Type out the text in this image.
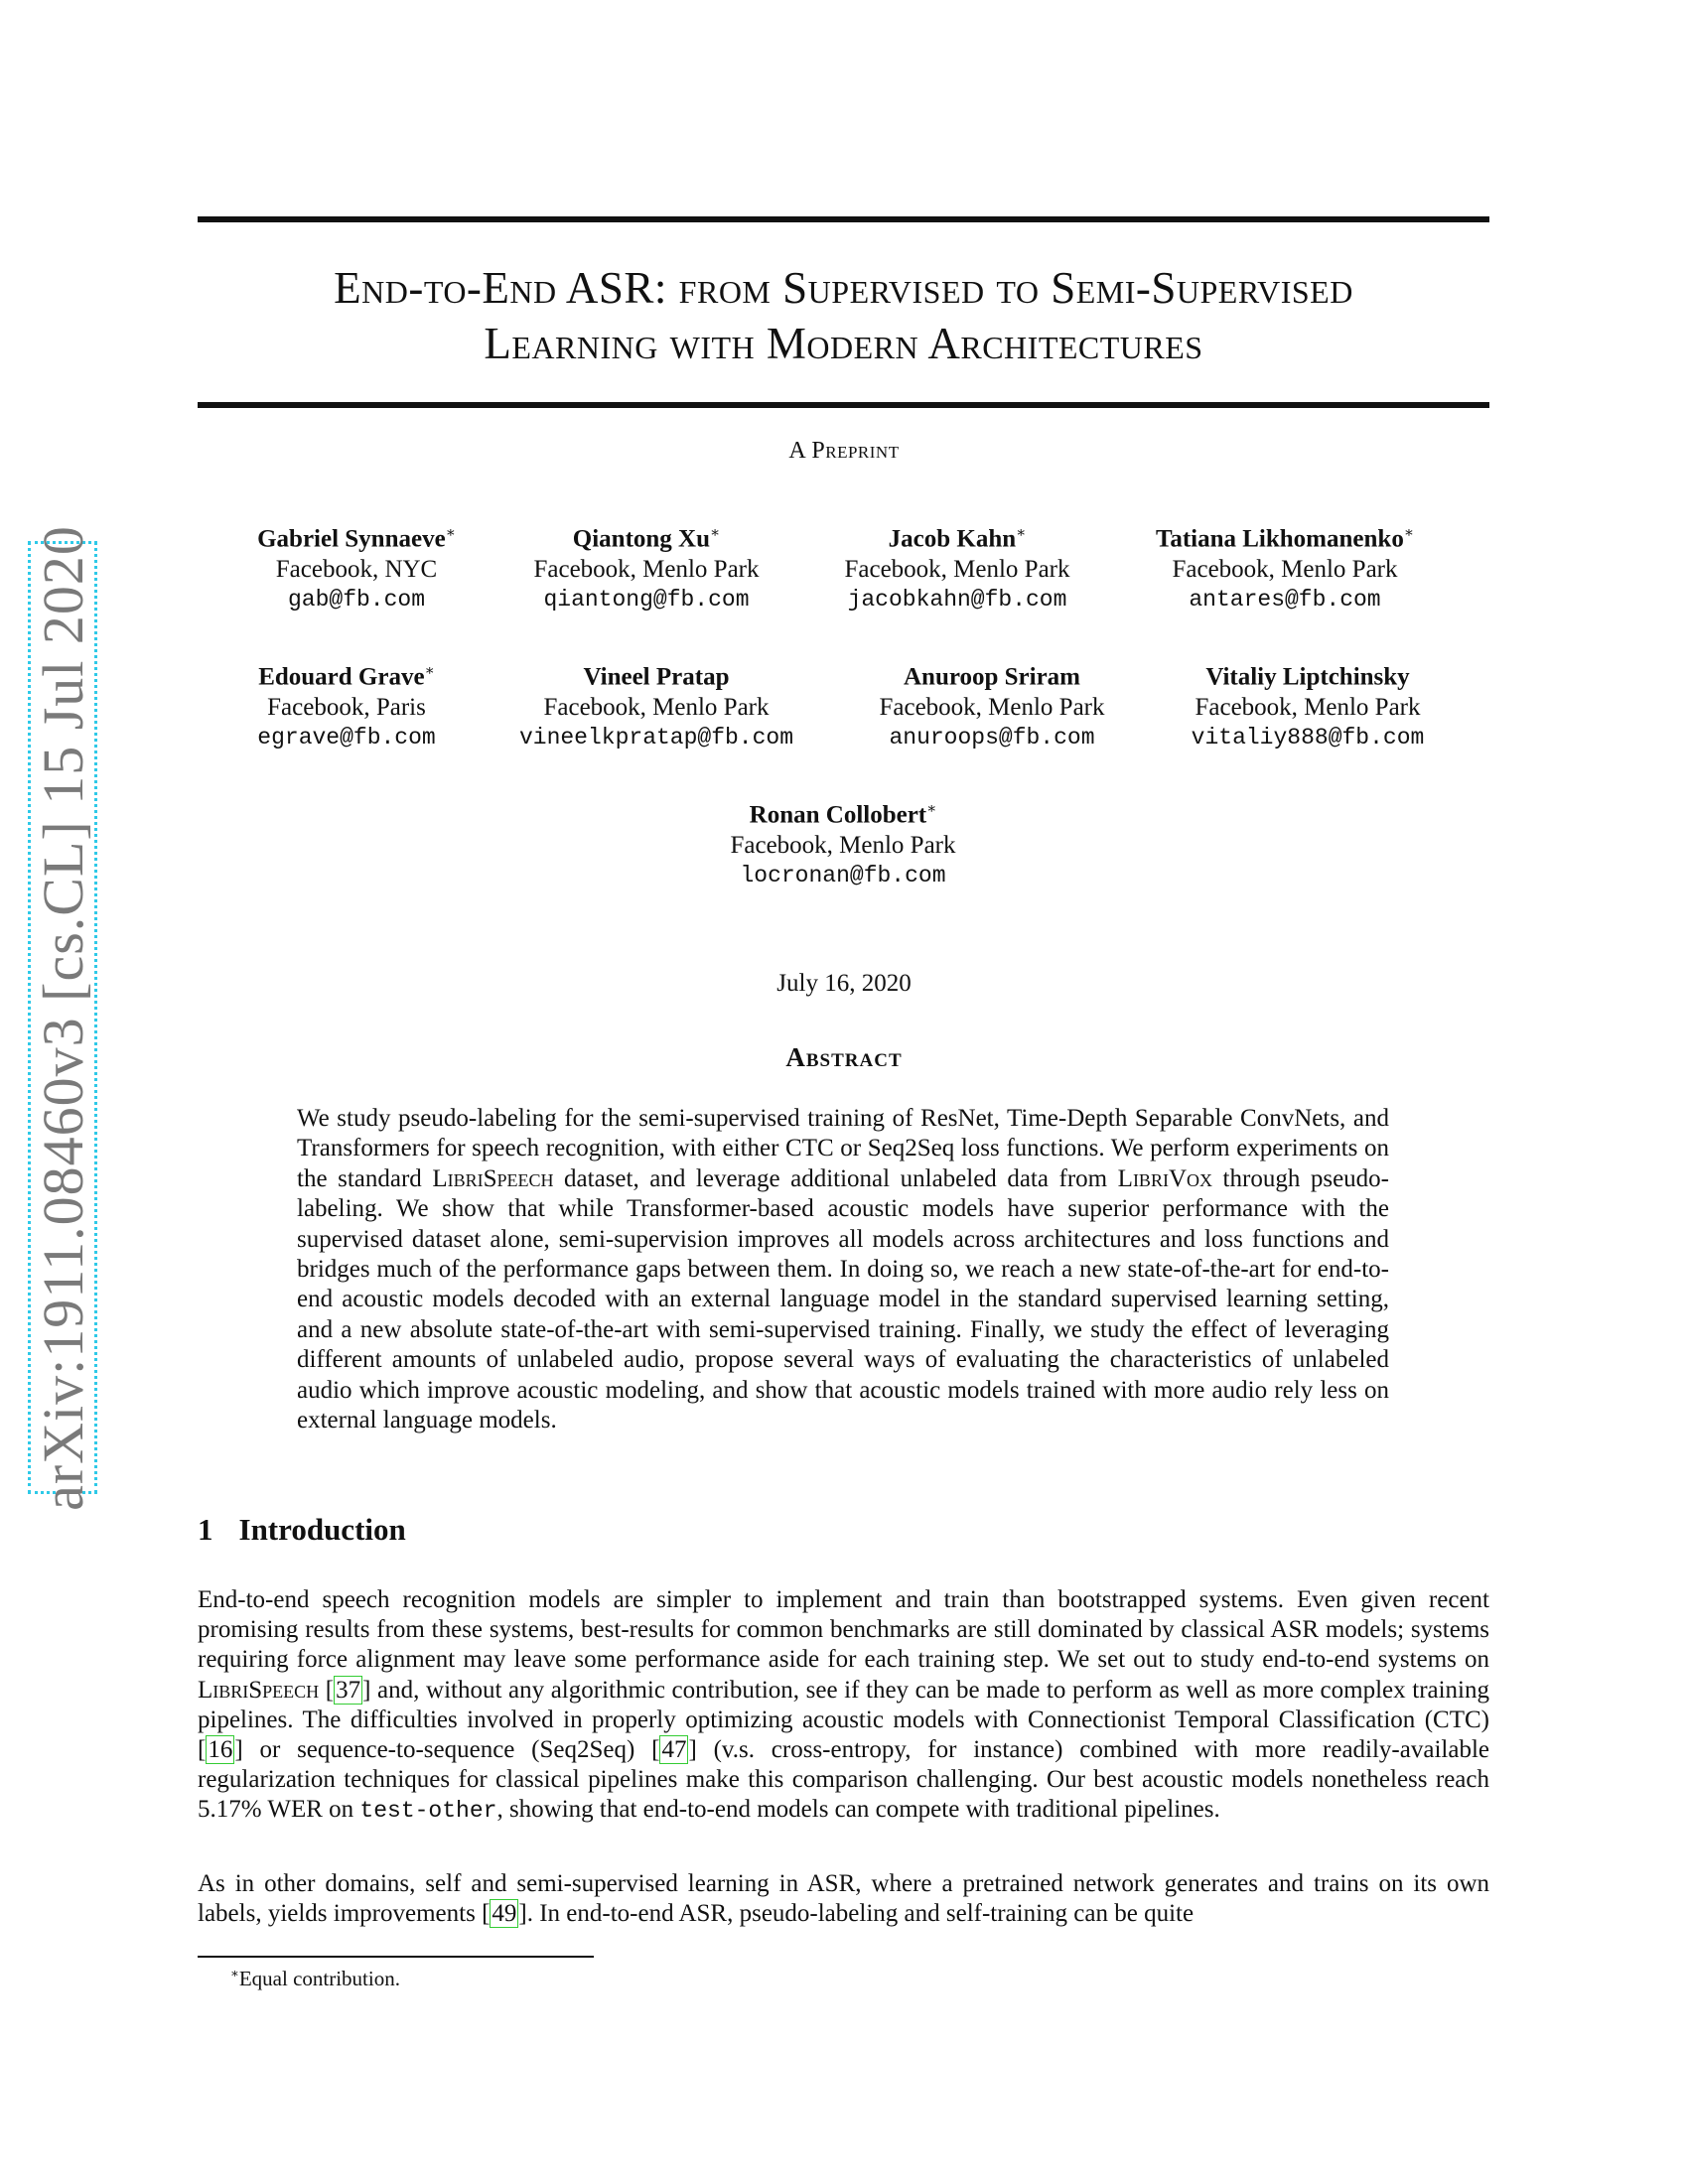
arXiv:1911.08460v3 [cs.CL] 15 Jul 2020
End-to-End ASR: from Supervised to Semi-Supervised
Learning with Modern Architectures
A Preprint
Gabriel Synnaeve∗
Facebook, NYC
gab@fb.com
Qiantong Xu∗
Facebook, Menlo Park
qiantong@fb.com
Jacob Kahn∗
Facebook, Menlo Park
jacobkahn@fb.com
Tatiana Likhomanenko∗
Facebook, Menlo Park
antares@fb.com
Edouard Grave∗
Facebook, Paris
egrave@fb.com
Vineel Pratap
Facebook, Menlo Park
vineelkpratap@fb.com
Anuroop Sriram
Facebook, Menlo Park
anuroops@fb.com
Vitaliy Liptchinsky
Facebook, Menlo Park
vitaliy888@fb.com
Ronan Collobert∗
Facebook, Menlo Park
locronan@fb.com
July 16, 2020
Abstract
We study pseudo-labeling for the semi-supervised training of ResNet, Time-Depth Separable ConvNets, and Transformers for speech recognition, with either CTC or Seq2Seq loss functions. We perform experiments on the standard LibriSpeech dataset, and leverage additional unlabeled data from LibriVox through pseudo-labeling. We show that while Transformer-based acoustic models have superior performance with the supervised dataset alone, semi-supervision improves all models across architectures and loss functions and bridges much of the performance gaps between them. In doing so, we reach a new state-of-the-art for end-to-end acoustic models decoded with an external language model in the standard supervised learning setting, and a new absolute state-of-the-art with semi-supervised training. Finally, we study the effect of leveraging different amounts of unlabeled audio, propose several ways of evaluating the characteristics of unlabeled audio which improve acoustic modeling, and show that acoustic models trained with more audio rely less on external language models.
1 Introduction
End-to-end speech recognition models are simpler to implement and train than bootstrapped systems. Even given recent promising results from these systems, best-results for common benchmarks are still dominated by classical ASR models; systems requiring force alignment may leave some performance aside for each training step. We set out to study end-to-end systems on LibriSpeech [37] and, without any algorithmic contribution, see if they can be made to perform as well as more complex training pipelines. The difficulties involved in properly optimizing acoustic models with Connectionist Temporal Classification (CTC) [16] or sequence-to-sequence (Seq2Seq) [47] (v.s. cross-entropy, for instance) combined with more readily-available regularization techniques for classical pipelines make this comparison challenging. Our best acoustic models nonetheless reach 5.17% WER on test-other, showing that end-to-end models can compete with traditional pipelines.
As in other domains, self and semi-supervised learning in ASR, where a pretrained network generates and trains on its own labels, yields improvements [49]. In end-to-end ASR, pseudo-labeling and self-training can be quite
∗Equal contribution.
